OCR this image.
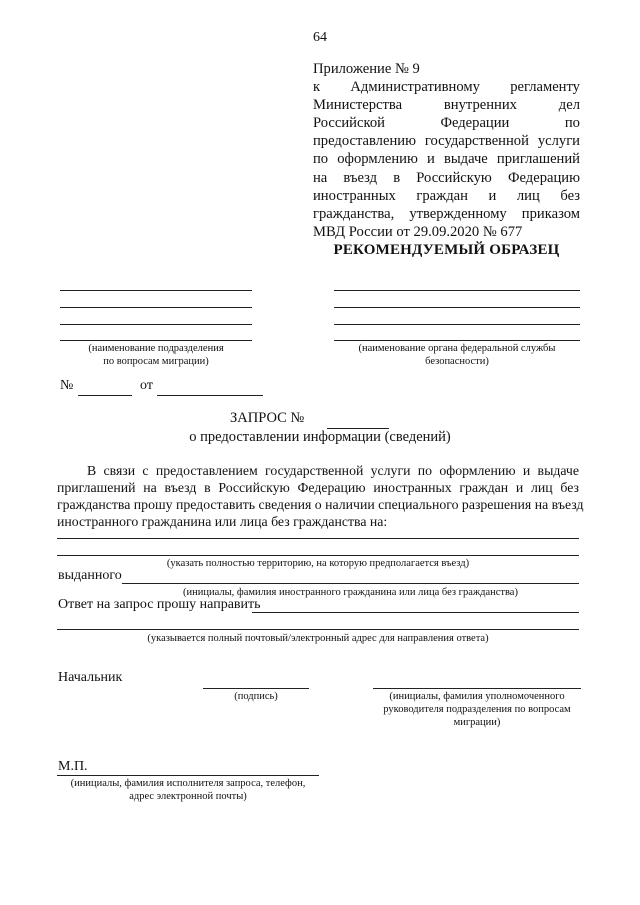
64
Приложение № 9
к Административному регламенту
Министерства	внутренних	дел
Российской	Федерации	по
предоставлению государственной услуги
по оформлению и выдаче приглашений
на въезд в Российскую Федерацию
иностранных граждан и лиц без
гражданства, утвержденному приказом
МВД России от 29.09.2020 № 677
РЕКОМЕНДУЕМЫЙ ОБРАЗЕЦ
(наименование подразделения
по вопросам миграции)
(наименование органа федеральной службы
безопасности)
№	от
ЗАПРОС №
о предоставлении информации (сведений)
В связи с предоставлением государственной услуги по оформлению и выдаче
приглашений на въезд в Российскую Федерацию иностранных граждан и лиц без
гражданства прошу предоставить сведения о наличии специального разрешения на въезд
иностранного гражданина или лица без гражданства на:
(указать полностью территорию, на которую предполагается въезд)
выданного
(инициалы, фамилия иностранного гражданина или лица без гражданства)
Ответ на запрос прошу направить
(указывается полный почтовый/электронный адрес для направления ответа)
Начальник
(подпись)	(инициалы, фамилия уполномоченного
руководителя подразделения по вопросам
миграции)
М.П.
(инициалы, фамилия исполнителя запроса, телефон,
адрес электронной почты)
